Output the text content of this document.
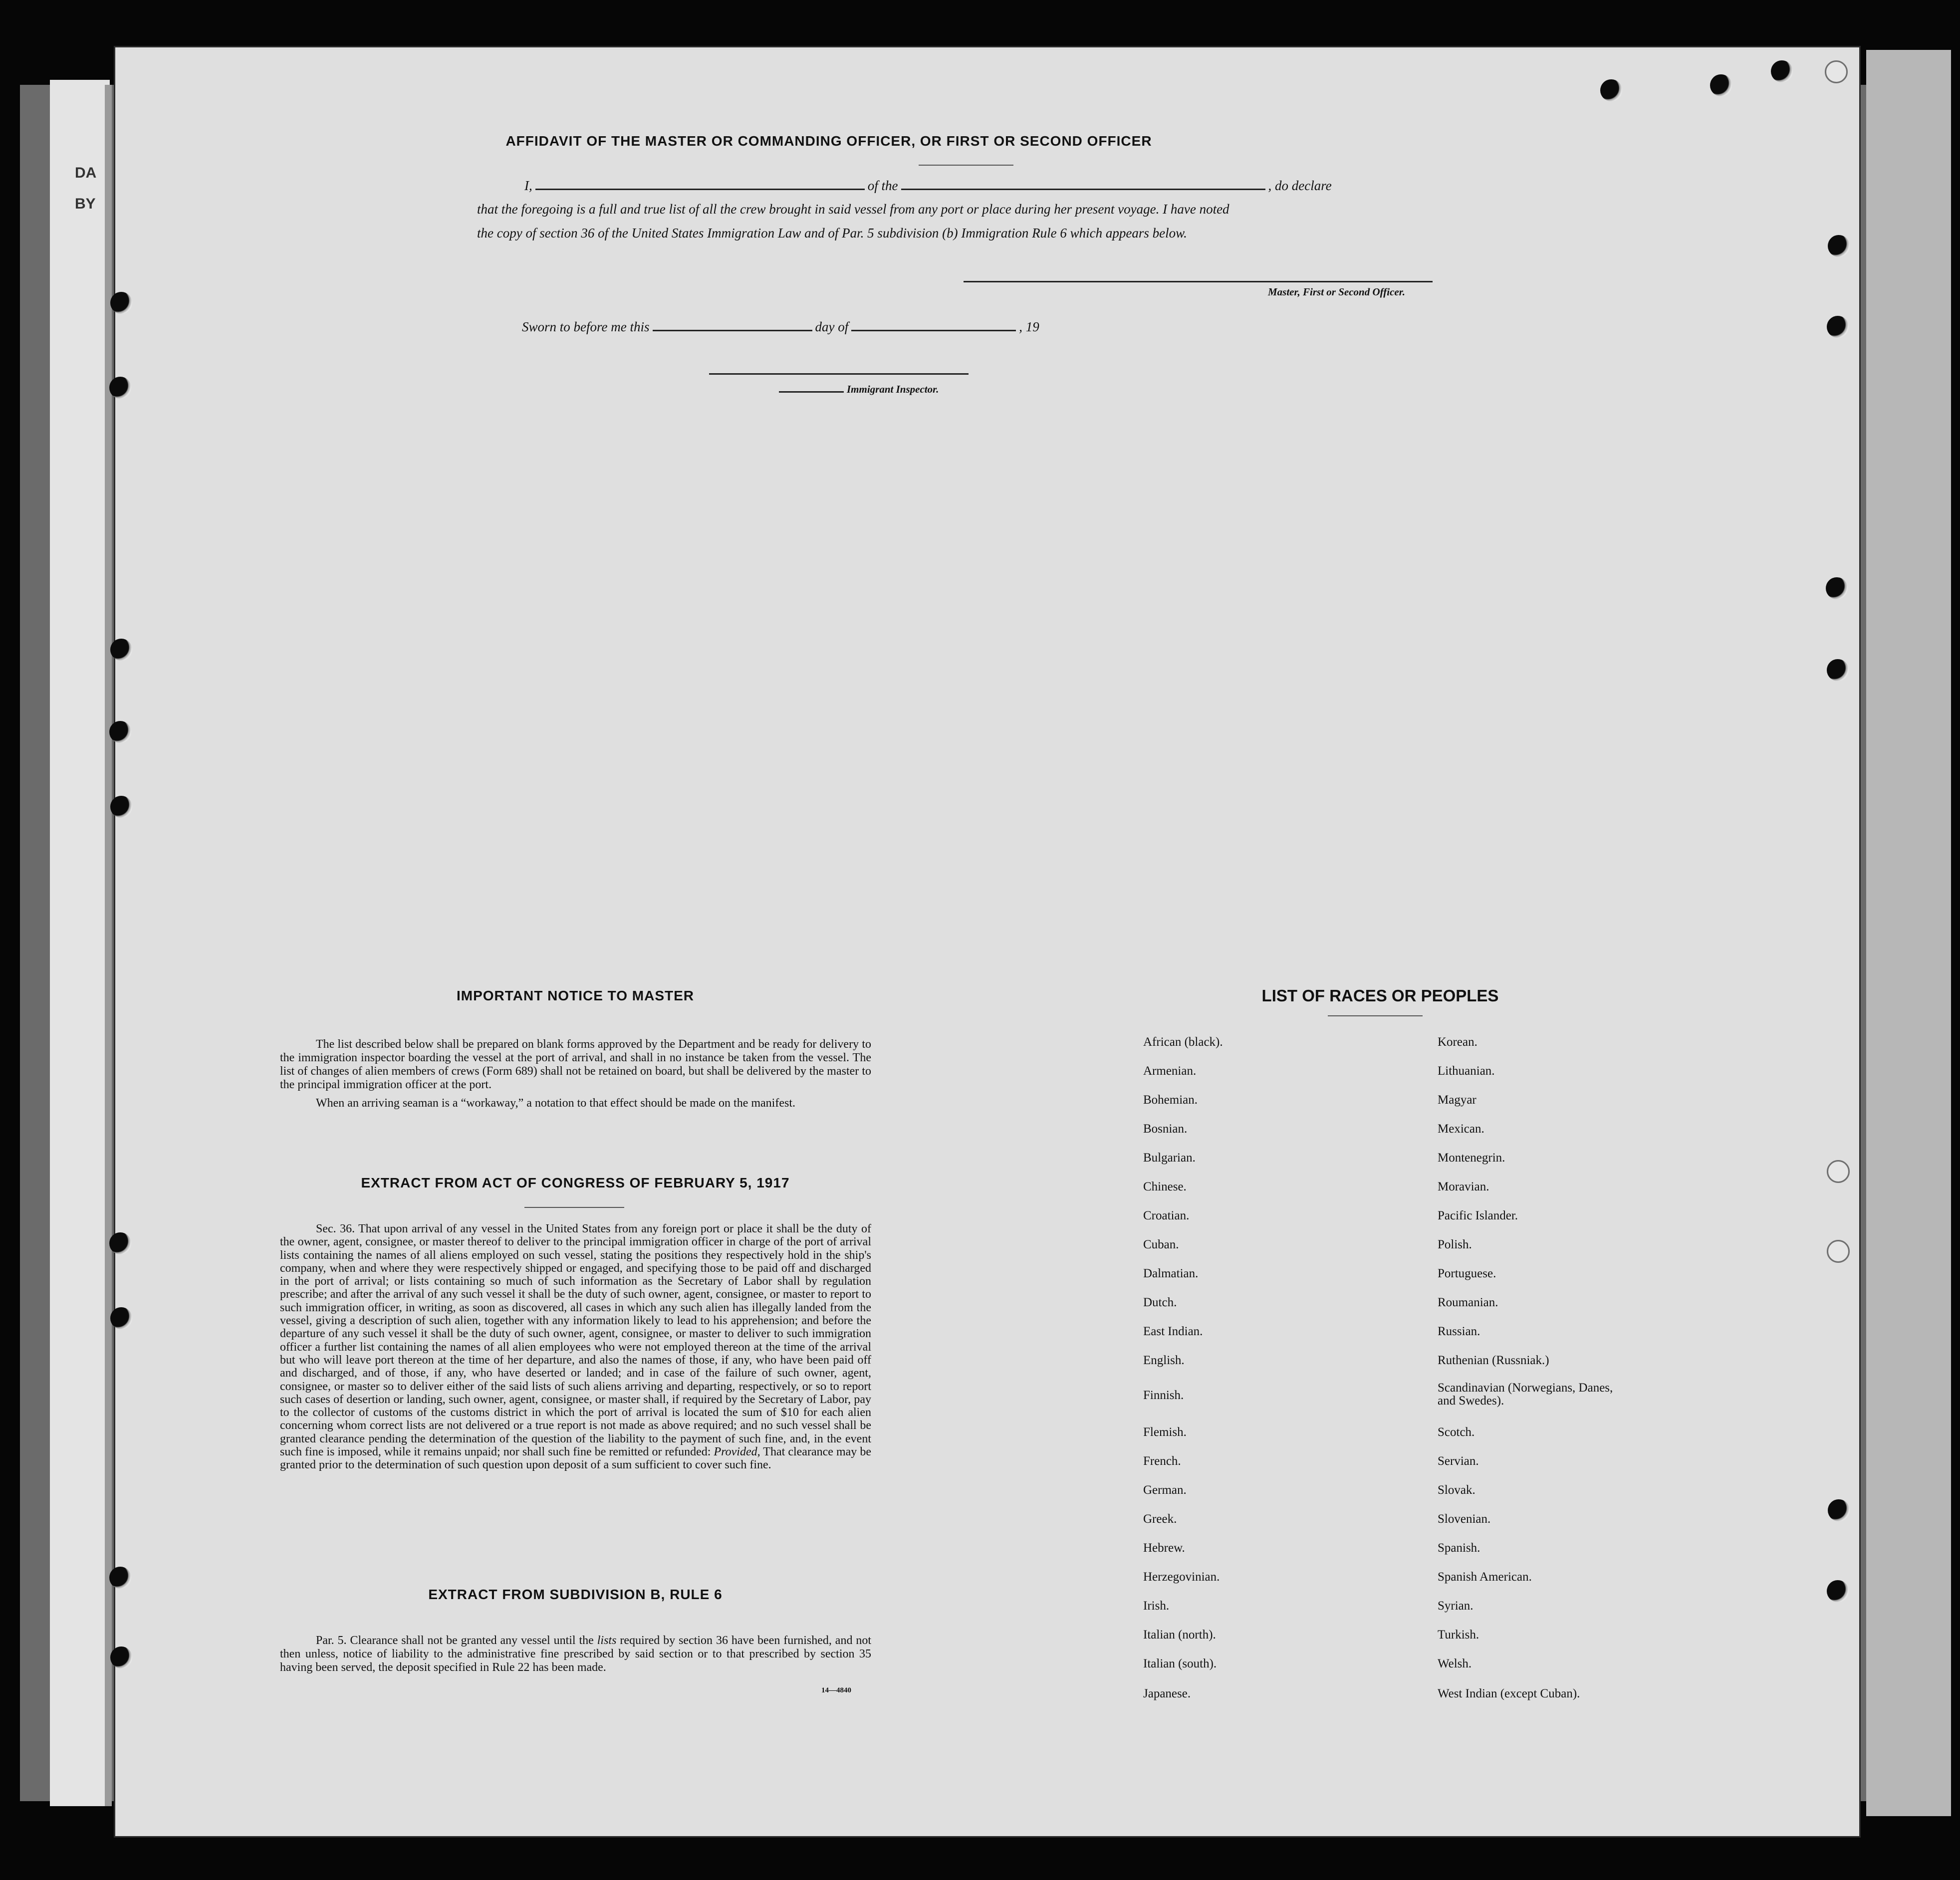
DA
BY
AFFIDAVIT OF THE MASTER OR COMMANDING OFFICER, OR FIRST OR SECOND OFFICER
I,	of the	, do declare
that the foregoing is a full and true list of all the crew brought in said vessel from any port or place during her present voyage. I have noted
the copy of section 36 of the United States Immigration Law and of Par. 5 subdivision (b) Immigration Rule 6 which appears below.
Master, First or Second Officer.
Sworn to before me this	day of	, 19
Immigrant Inspector.
IMPORTANT NOTICE TO MASTER

The list described below shall be prepared on blank forms approved by the Department and be ready for delivery to the immigration inspector boarding the vessel at the port of arrival, and shall in no instance be taken from the vessel. The list of changes of alien members of crews (Form 689) shall not be retained on board, but shall be delivered by the master to the principal immigration officer at the port.

When an arriving seaman is a “workaway,” a notation to that effect should be made on the manifest.

EXTRACT FROM ACT OF CONGRESS OF FEBRUARY 5, 1917

Sec. 36. That upon arrival of any vessel in the United States from any foreign port or place it shall be the duty of the owner, agent, consignee, or master thereof to deliver to the principal immigration officer in charge of the port of arrival lists containing the names of all aliens employed on such vessel, stating the positions they respectively hold in the ship's company, when and where they were respectively shipped or engaged, and specifying those to be paid off and discharged in the port of arrival; or lists containing so much of such information as the Secretary of Labor shall by regulation prescribe; and after the arrival of any such vessel it shall be the duty of such owner, agent, consignee, or master to report to such immigration officer, in writing, as soon as discovered, all cases in which any such alien has illegally landed from the vessel, giving a description of such alien, together with any information likely to lead to his apprehension; and before the departure of any such vessel it shall be the duty of such owner, agent, consignee, or master to deliver to such immigration officer a further list containing the names of all alien employees who were not employed thereon at the time of the arrival but who will leave port thereon at the time of her departure, and also the names of those, if any, who have been paid off and discharged, and of those, if any, who have deserted or landed; and in case of the failure of such owner, agent, consignee, or master so to deliver either of the said lists of such aliens arriving and departing, respectively, or so to report such cases of desertion or landing, such owner, agent, consignee, or master shall, if required by the Secretary of Labor, pay to the collector of customs of the customs district in which the port of arrival is located the sum of $10 for each alien concerning whom correct lists are not delivered or a true report is not made as above required; and no such vessel shall be granted clearance pending the determination of the question of the liability to the payment of such fine, and, in the event such fine is imposed, while it remains unpaid; nor shall such fine be remitted or refunded: Provided, That clearance may be granted prior to the determination of such question upon deposit of a sum sufficient to cover such fine.

EXTRACT FROM SUBDIVISION B, RULE 6

Par. 5. Clearance shall not be granted any vessel until the lists required by section 36 have been furnished, and not then unless, notice of liability to the administrative fine prescribed by said section or to that prescribed by section 35 having been served, the deposit specified in Rule 22 has been made.

14—4840
LIST OF RACES OR PEOPLES
African (black).
Armenian.
Bohemian.
Bosnian.
Bulgarian.
Chinese.
Croatian.
Cuban.
Dalmatian.
Dutch.
East Indian.
English.
Finnish.
Flemish.
French.
German.
Greek.
Hebrew.
Herzegovinian.
Irish.
Italian (north).
Italian (south).
Japanese.
Korean.
Lithuanian.
Magyar
Mexican.
Montenegrin.
Moravian.
Pacific Islander.
Polish.
Portuguese.
Roumanian.
Russian.
Ruthenian (Russniak.)
Scandinavian (Norwegians, Danes, and Swedes).
Scotch.
Servian.
Slovak.
Slovenian.
Spanish.
Spanish American.
Syrian.
Turkish.
Welsh.
West Indian (except Cuban).
